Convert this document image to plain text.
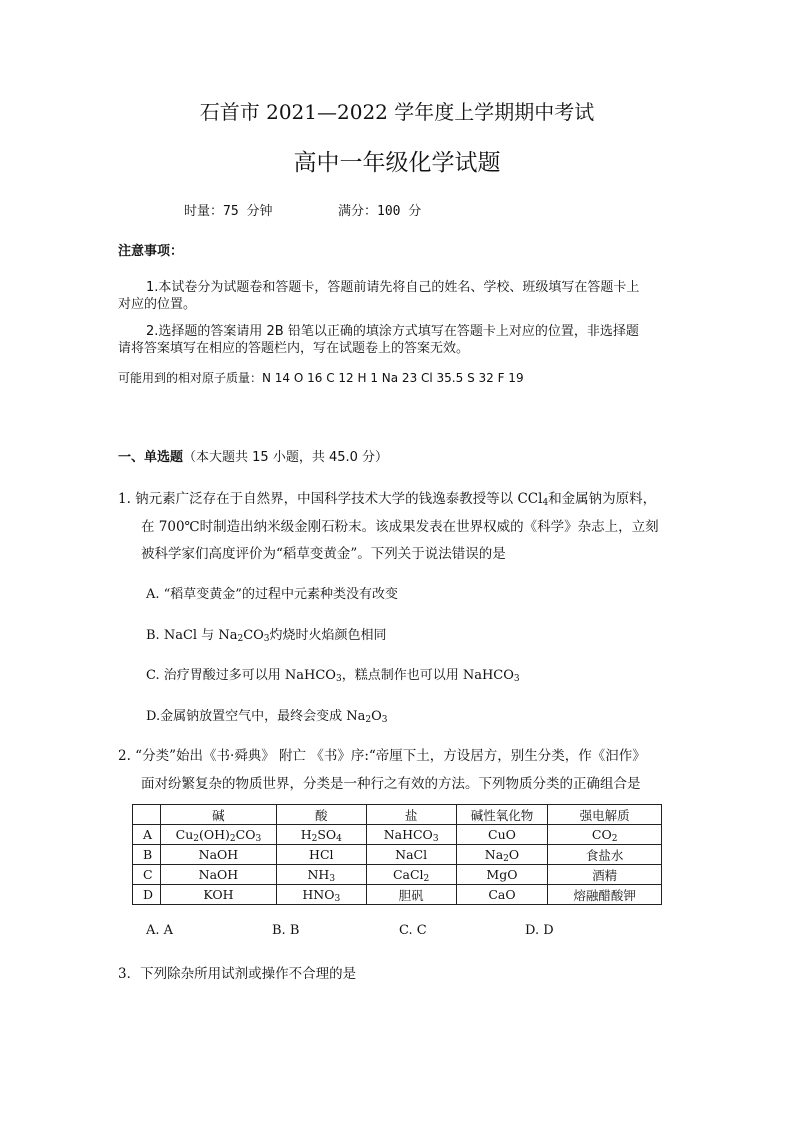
石首市 2021—2022 学年度上学期期中考试
高中一年级化学试题
时量：75 分钟	满分：100 分
注意事项：
1.本试卷分为试题卷和答题卡，答题前请先将自己的姓名、学校、班级填写在答题卡上
对应的位置。
2.选择题的答案请用 2B 铅笔以正确的填涂方式填写在答题卡上对应的位置，非选择题
请将答案填写在相应的答题栏内，写在试题卷上的答案无效。
可能用到的相对原子质量：N 14 O 16 C 12 H 1 Na 23 Cl 35.5 S 32 F 19
一、单选题（本大题共 15 小题，共 45.0 分）
1. 钠元素广泛存在于自然界，中国科学技术大学的钱逸泰教授等以 CCl$_4$和金属钠为原料，
在 700℃时制造出纳米级金刚石粉末。该成果发表在世界权威的《科学》杂志上，立刻
被科学家们高度评价为“稻草变黄金”。下列关于说法错误的是
A. “稻草变黄金”的过程中元素种类没有改变
B. NaCl 与 $Na_2CO_3$灼烧时火焰颜色相同
C. 治疗胃酸过多可以用 NaHCO$_3$，糕点制作也可以用 NaHCO$_3$
D.金属钠放置空气中，最终会变成 $Na_2O_3$
2. “分类”始出《书·舜典》 附亡 《书》序:“帝厘下土，方设居方，别生分类，作《汩作》
面对纷繁复杂的物质世界，分类是一种行之有效的方法。下列物质分类的正确组合是
	碱	酸	盐	碱性氧化物	强电解质
A	$Cu_2(OH)_2CO_3$	$H_2SO_4$	NaHCO$_3$	CuO	$CO_2$
B	NaOH	HCl	NaCl	$Na_2O$	食盐水
C	NaOH	$NH_3$	CaCl$_2$	MgO	酒精
D	KOH	$HNO_3$	胆矾	CaO	熔融醋酸钾
A. A	B. B	C. C	D. D
3．下列除杂所用试剂或操作不合理的是
